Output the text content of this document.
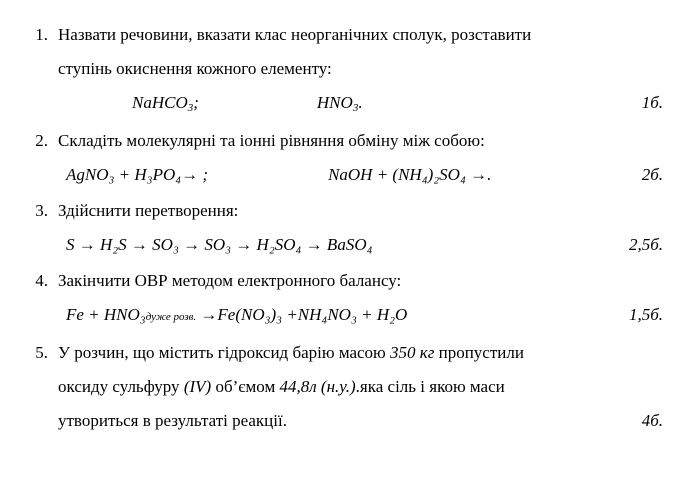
1. Назвати речовини, вказати клас неорганічних сполук, розставити
ступінь окиснення кожного елементу:
NaHCO$_3$;	$HNO_3$.	1б.
2. Складіть молекулярні та іонні рівняння обміну між собою:
AgNO₃ + H₃PO₄→ ;	NaOH + (NH₄)₂SO₄ →.	2б.
3. Здійснити перетворення:
S → H₂S → SO₃ → SO₃ → H₂SO₄ → BaSO₄	2,5б.
4. Закінчити ОВР методом електронного балансу:
Fe + HNO₃дуже розв. →Fe(NO₃)₃ +NH₄NO₃ + H₂O	1,5б.
5. У розчин, що містить гідроксид барію масою 350 кг пропустили
оксиду сульфуру (IV) об’ємом 44,8л (н.у.).яка сіль і якою маси
утвориться в результаті реакції.	4б.
